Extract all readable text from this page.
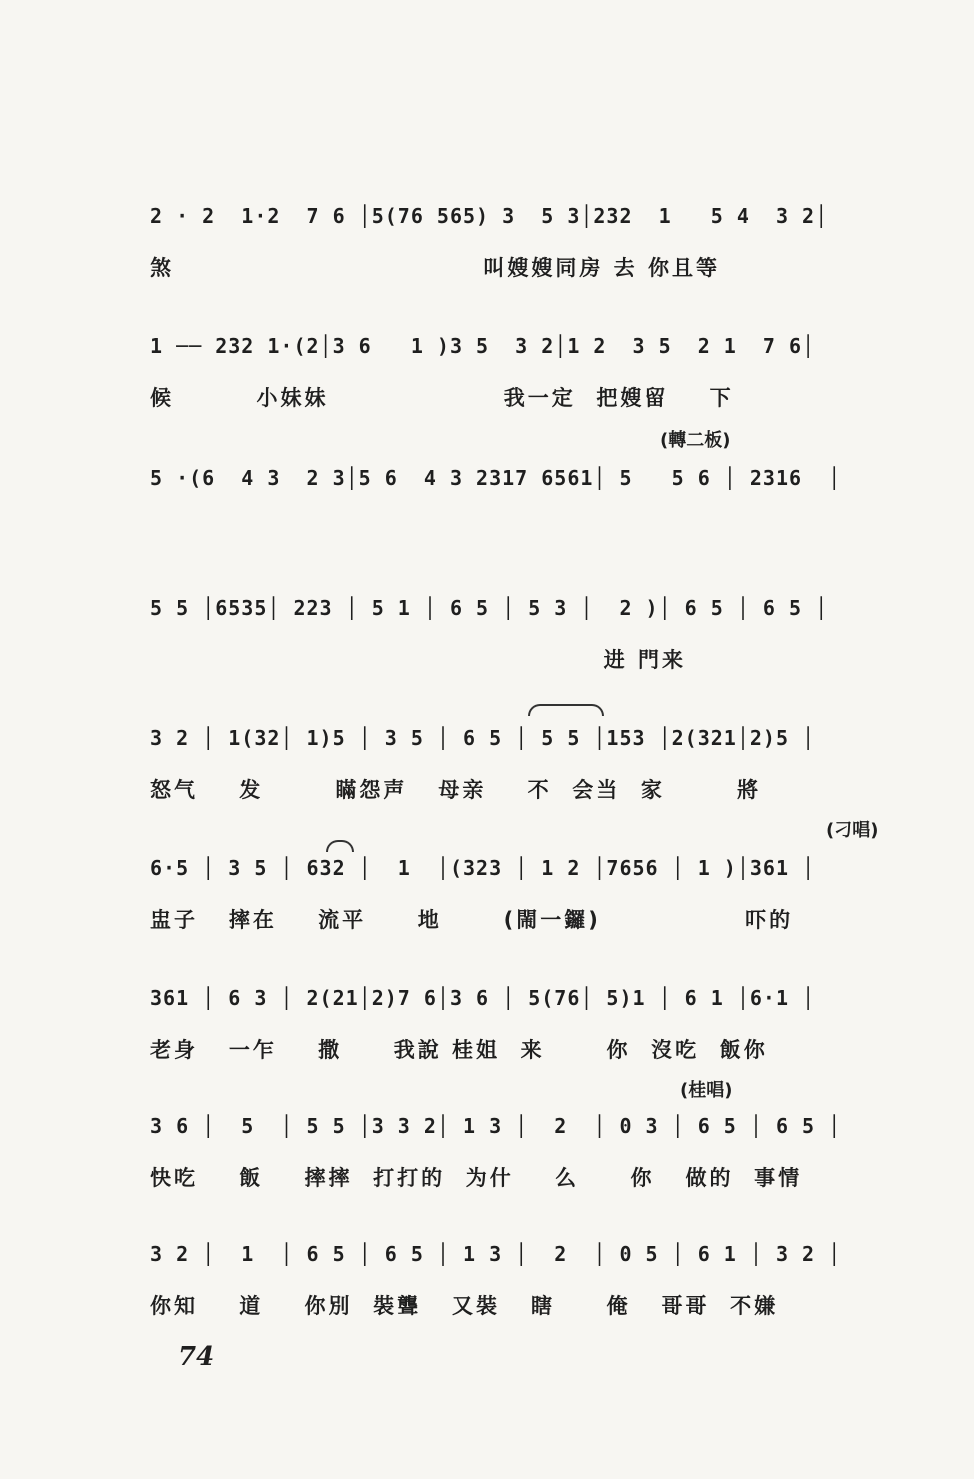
2 · 2  1·2  7 6 │5(76 565) 3  5 3│232  1   5 4  3 2│
煞                              叫嫂嫂同房 去 你且等
1 ── 232 1·(2│3 6   1 )3 5  3 2│1 2  3 5  2 1  7 6│
候        小妹妹                 我一定  把嫂留    下
(轉二板)
5 ·(6  4 3  2 3│5 6  4 3 2317 6561│ 5   5 6 │ 2316  │
5 5 │6535│ 223 │ 5 1 │ 6 5 │ 5 3 │  2 )│ 6 5 │ 6 5 │
进 門来
3 2 │ 1(32│ 1)5 │ 3 5 │ 6 5 │ 5 5 │153 │2(321│2)5 │
怒气    发       瞞怨声   母亲    不  会当  家       將
(刁唱)
6·5 │ 3 5 │ 632 │  1  │(323 │ 1 2 │7656 │ 1 )│361 │
盅子   摔在    流平     地      (閙一鑼)              吓的
361 │ 6 3 │ 2(21│2)7 6│3 6 │ 5(76│ 5)1 │ 6 1 │6·1 │
老身   一乍    撒     我說 桂姐  来      你  沒吃  飯你
(桂唱)
3 6 │  5  │ 5 5 │3 3 2│ 1 3 │  2  │ 0 3 │ 6 5 │ 6 5 │
快吃    飯    摔摔  打打的  为什    么     你   做的  事情
3 2 │  1  │ 6 5 │ 6 5 │ 1 3 │  2  │ 0 5 │ 6 1 │ 3 2 │
你知    道    你別  裝聾   又裝   瞎     俺   哥哥  不嫌
74
